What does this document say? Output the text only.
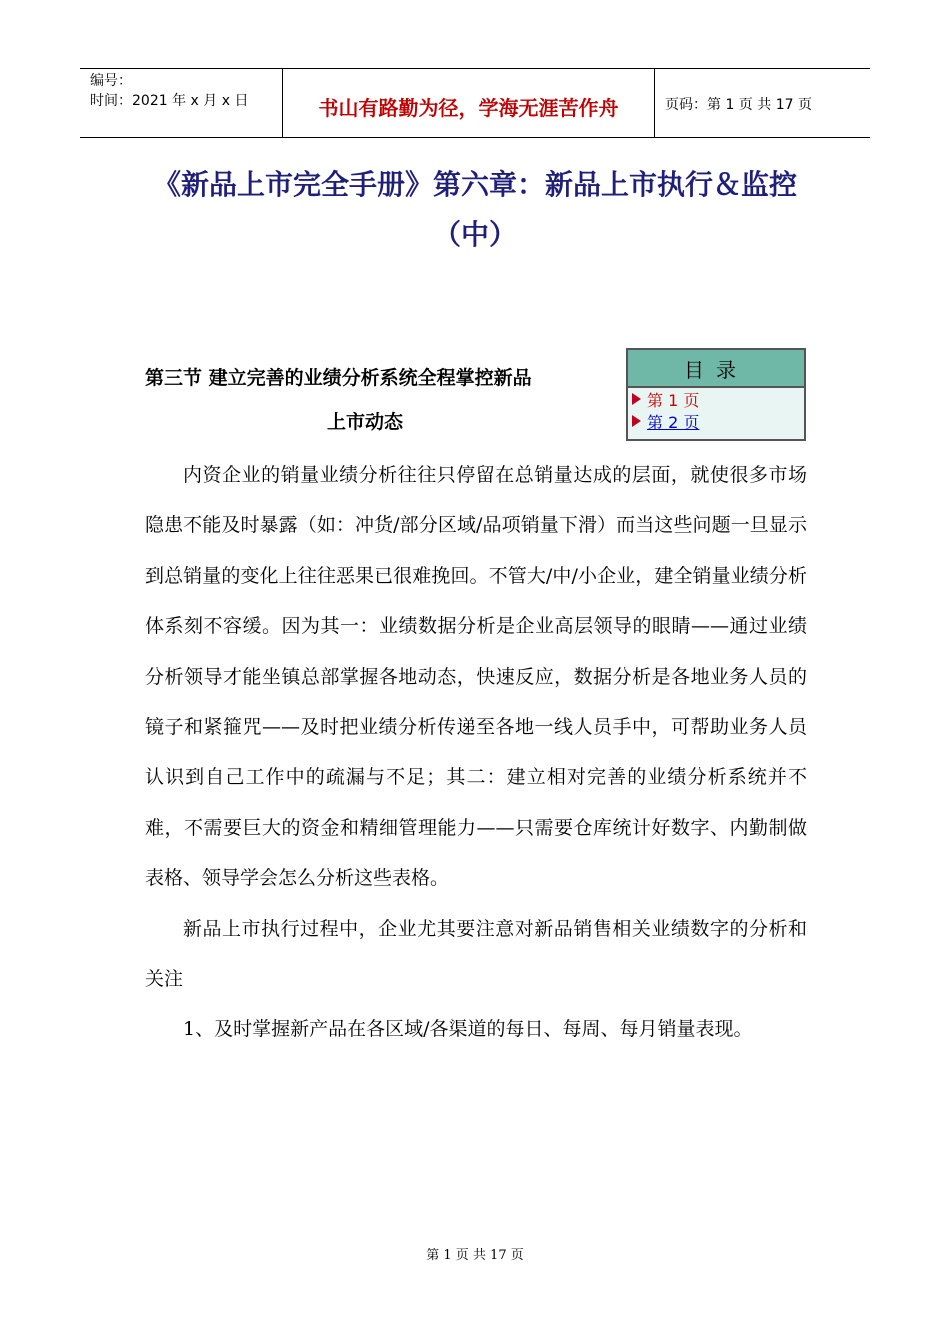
编号：
时间：2021 年 x 月 x 日	书山有路勤为径，学海无涯苦作舟	页码：第 1 页 共 17 页
《新品上市完全手册》第六章：新品上市执行＆监控
（中）
第三节 建立完善的业绩分析系统全程掌控新品
上市动态
目录
第 1 页
第 2 页

内资企业的销量业绩分析往往只停留在总销量达成的层面，就使很多市场隐患不能及时暴露（如：冲货/部分区域/品项销量下滑）而当这些问题一旦显示到总销量的变化上往往恶果已很难挽回。不管大/中/小企业，建全销量业绩分析体系刻不容缓。因为其一：业绩数据分析是企业高层领导的眼睛——通过业绩分析领导才能坐镇总部掌握各地动态，快速反应，数据分析是各地业务人员的镜子和紧箍咒——及时把业绩分析传递至各地一线人员手中，可帮助业务人员认识到自己工作中的疏漏与不足；其二：建立相对完善的业绩分析系统并不难，不需要巨大的资金和精细管理能力——只需要仓库统计好数字、内勤制做表格、领导学会怎么分析这些表格。

新品上市执行过程中，企业尤其要注意对新品销售相关业绩数字的分析和关注

1、及时掌握新产品在各区域/各渠道的每日、每周、每月销量表现。

第 1 页 共 17 页
